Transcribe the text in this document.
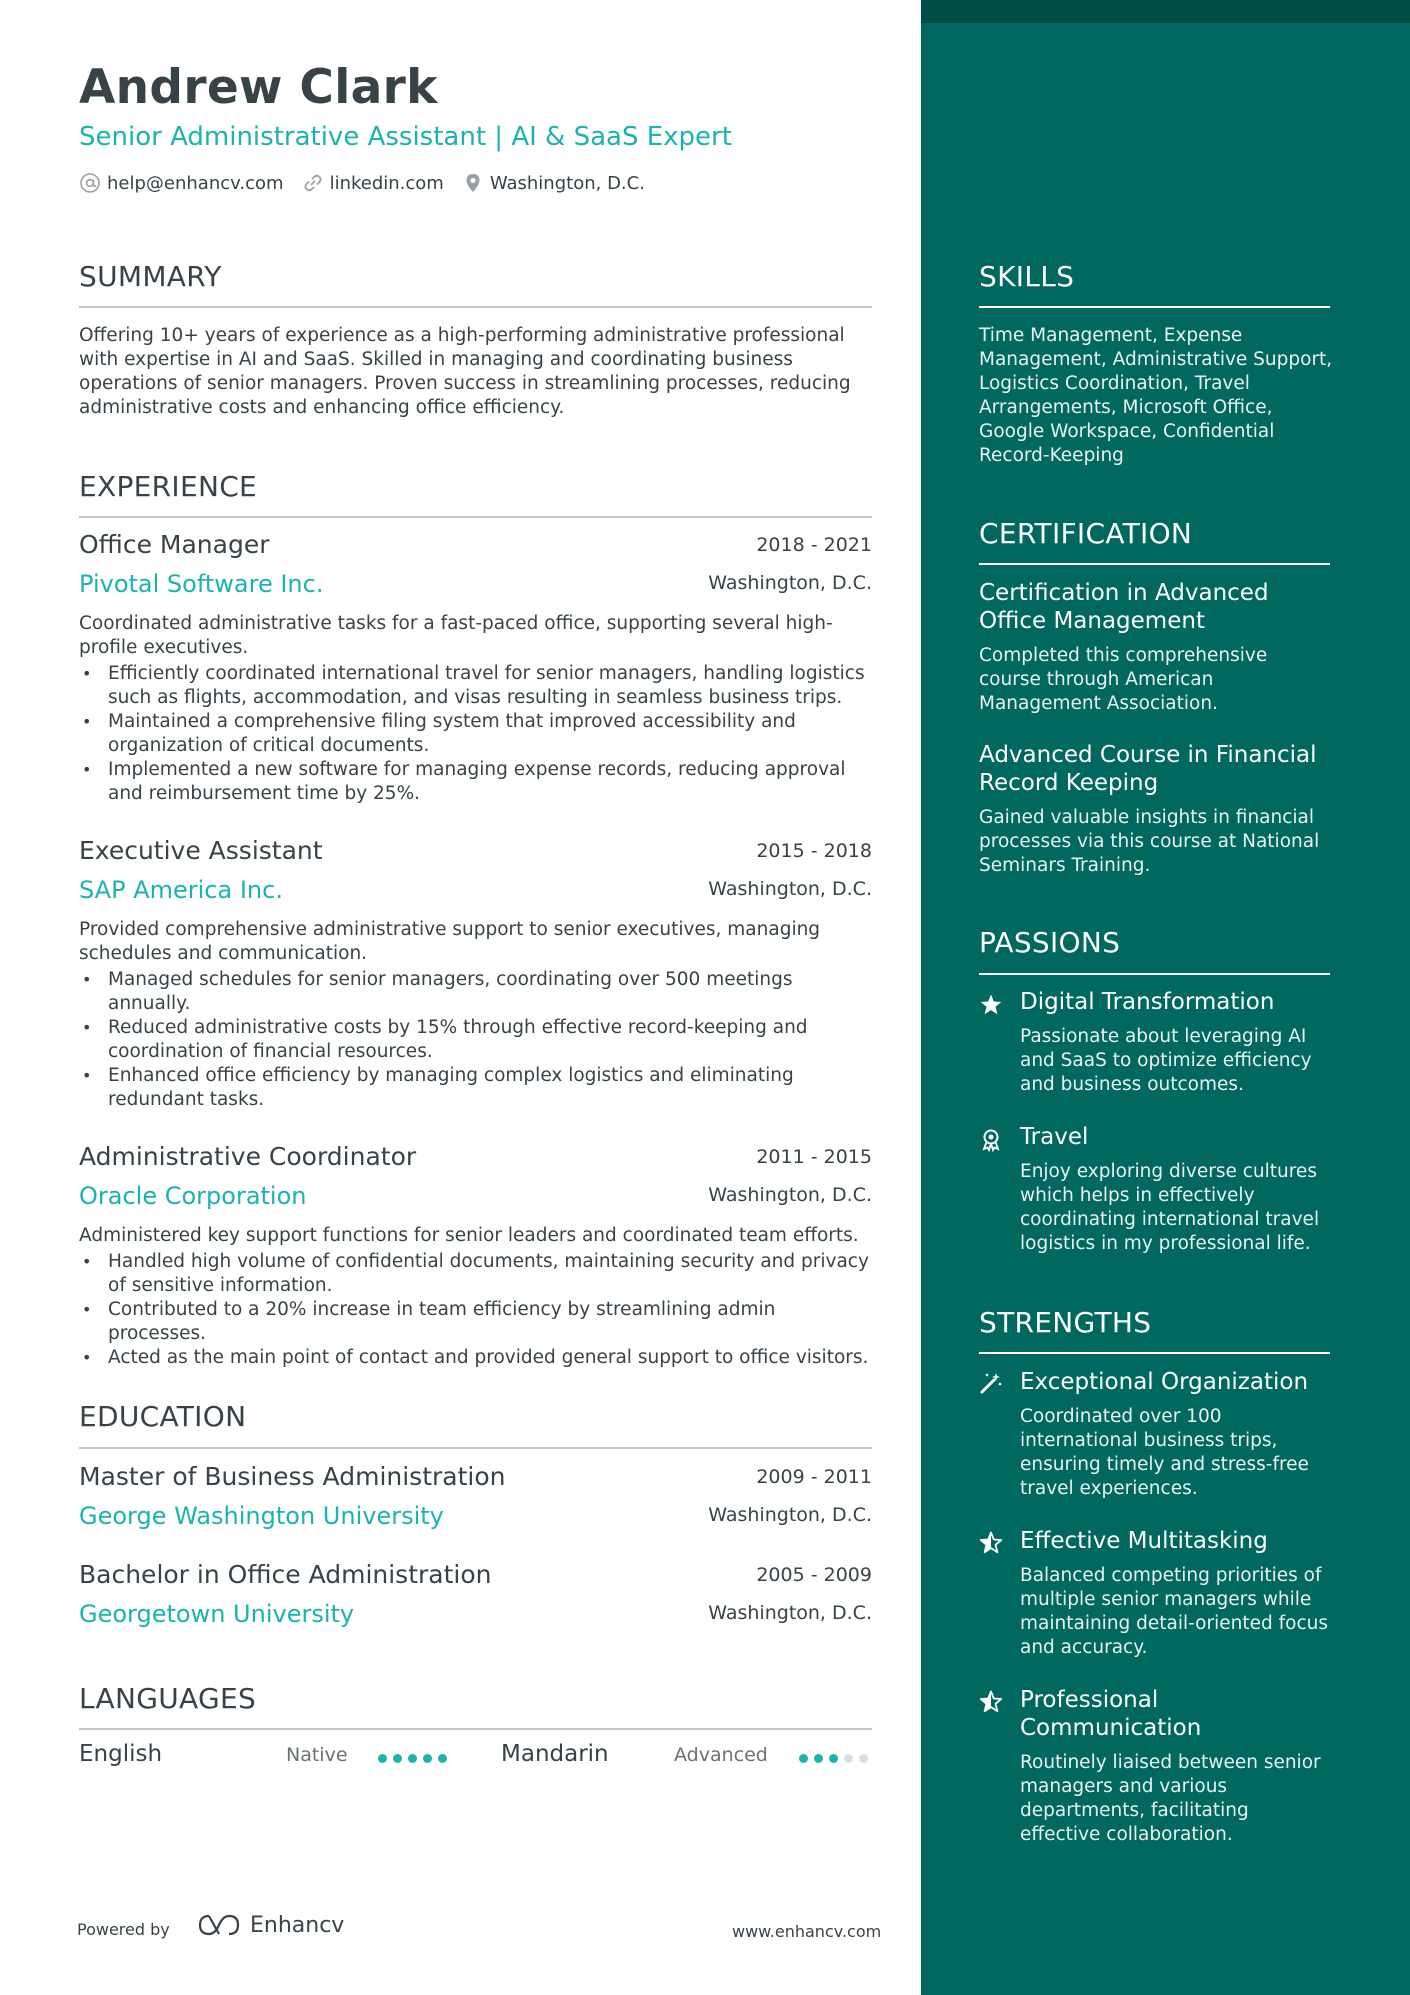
Andrew Clark
Senior Administrative Assistant | AI & SaaS Expert
help@enhancv.com	linkedin.com	Washington, D.C.
SUMMARY
Offering 10+ years of experience as a high-performing administrative professional with expertise in AI and SaaS. Skilled in managing and coordinating business operations of senior managers. Proven success in streamlining processes, reducing administrative costs and enhancing office efficiency.
EXPERIENCE
Office Manager	2018 - 2021
Pivotal Software Inc.	Washington, D.C.
Coordinated administrative tasks for a fast-paced office, supporting several high-profile executives.
• Efficiently coordinated international travel for senior managers, handling logistics such as flights, accommodation, and visas resulting in seamless business trips.
• Maintained a comprehensive filing system that improved accessibility and organization of critical documents.
• Implemented a new software for managing expense records, reducing approval and reimbursement time by 25%.
Executive Assistant	2015 - 2018
SAP America Inc.	Washington, D.C.
Provided comprehensive administrative support to senior executives, managing schedules and communication.
• Managed schedules for senior managers, coordinating over 500 meetings annually.
• Reduced administrative costs by 15% through effective record-keeping and coordination of financial resources.
• Enhanced office efficiency by managing complex logistics and eliminating redundant tasks.
Administrative Coordinator	2011 - 2015
Oracle Corporation	Washington, D.C.
Administered key support functions for senior leaders and coordinated team efforts.
• Handled high volume of confidential documents, maintaining security and privacy of sensitive information.
• Contributed to a 20% increase in team efficiency by streamlining admin processes.
• Acted as the main point of contact and provided general support to office visitors.
EDUCATION
Master of Business Administration	2009 - 2011
George Washington University	Washington, D.C.
Bachelor in Office Administration	2005 - 2009
Georgetown University	Washington, D.C.
LANGUAGES
English	Native	Mandarin	Advanced
Powered by	Enhancv	www.enhancv.com
SKILLS
Time Management, Expense Management, Administrative Support, Logistics Coordination, Travel Arrangements, Microsoft Office, Google Workspace, Confidential Record-Keeping
CERTIFICATION
Certification in Advanced Office Management
Completed this comprehensive course through American Management Association.
Advanced Course in Financial Record Keeping
Gained valuable insights in financial processes via this course at National Seminars Training.
PASSIONS
Digital Transformation
Passionate about leveraging AI and SaaS to optimize efficiency and business outcomes.
Travel
Enjoy exploring diverse cultures which helps in effectively coordinating international travel logistics in my professional life.
STRENGTHS
Exceptional Organization
Coordinated over 100 international business trips, ensuring timely and stress-free travel experiences.
Effective Multitasking
Balanced competing priorities of multiple senior managers while maintaining detail-oriented focus and accuracy.
Professional Communication
Routinely liaised between senior managers and various departments, facilitating effective collaboration.
